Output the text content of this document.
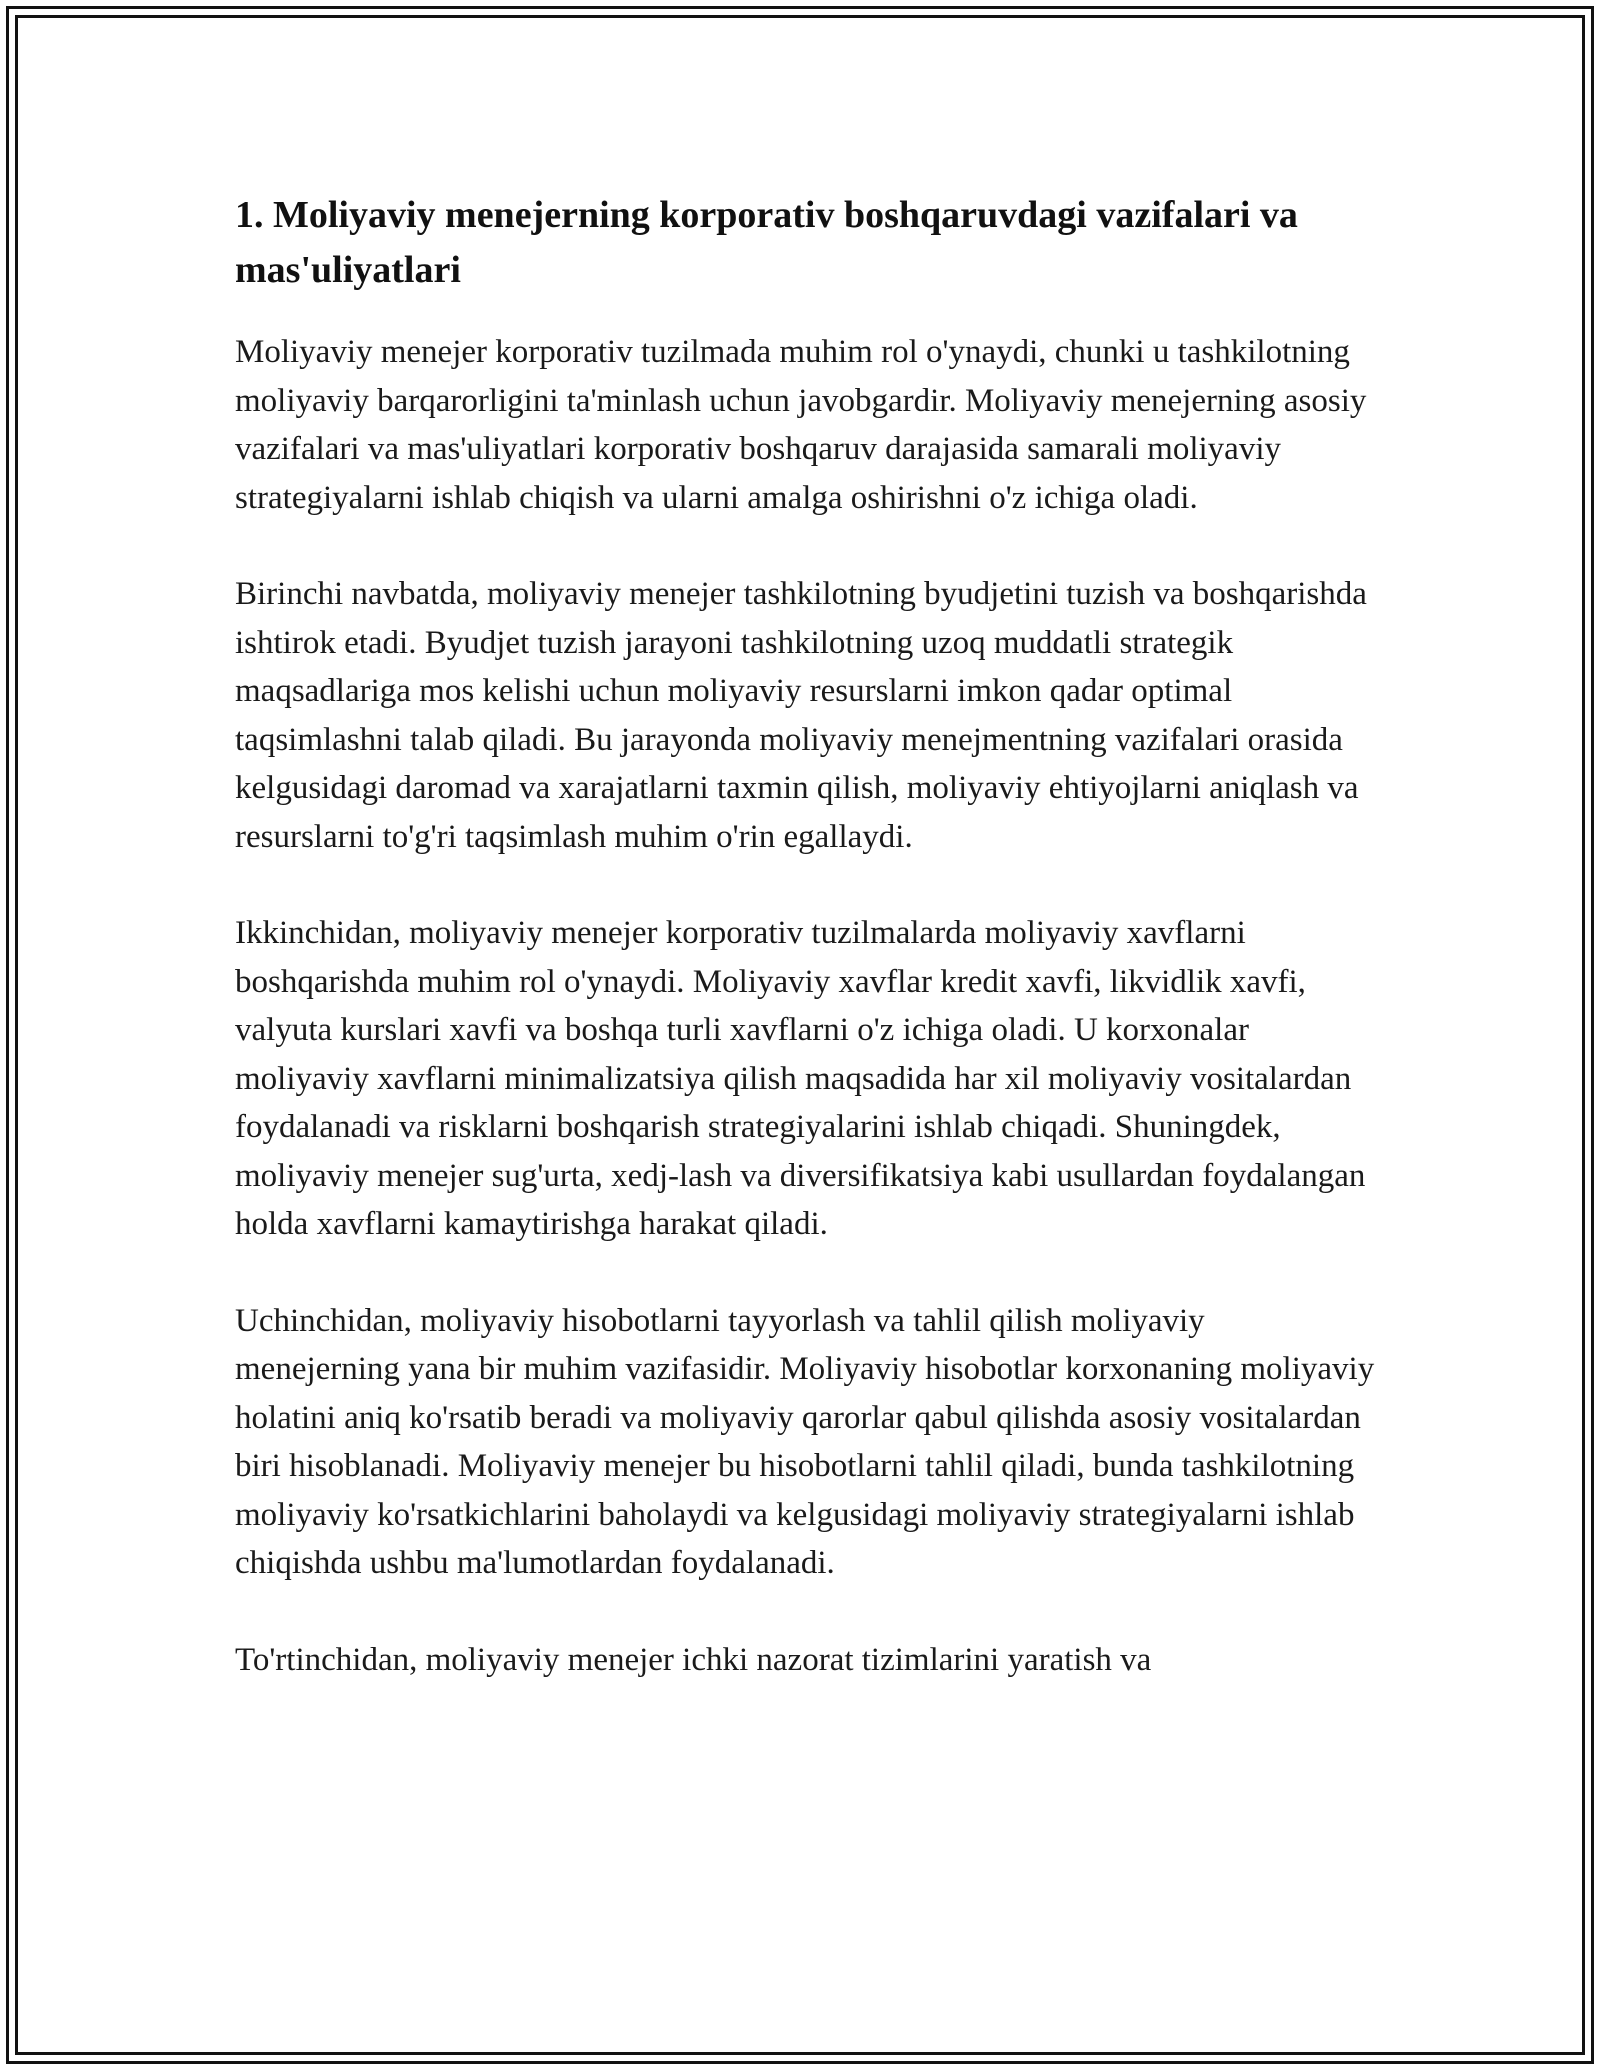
1. Moliyaviy menejerning korporativ boshqaruvdagi vazifalari va mas'uliyatlari

Moliyaviy menejer korporativ tuzilmada muhim rol o'ynaydi, chunki u tashkilotning moliyaviy barqarorligini ta'minlash uchun javobgardir. Moliyaviy menejerning asosiy vazifalari va mas'uliyatlari korporativ boshqaruv darajasida samarali moliyaviy strategiyalarni ishlab chiqish va ularni amalga oshirishni o'z ichiga oladi.

Birinchi navbatda, moliyaviy menejer tashkilotning byudjetini tuzish va boshqarishda ishtirok etadi. Byudjet tuzish jarayoni tashkilotning uzoq muddatli strategik maqsadlariga mos kelishi uchun moliyaviy resurslarni imkon qadar optimal taqsimlashni talab qiladi. Bu jarayonda moliyaviy menejmentning vazifalari orasida kelgusidagi daromad va xarajatlarni taxmin qilish, moliyaviy ehtiyojlarni aniqlash va resurslarni to'g'ri taqsimlash muhim o'rin egallaydi.

Ikkinchidan, moliyaviy menejer korporativ tuzilmalarda moliyaviy xavflarni boshqarishda muhim rol o'ynaydi. Moliyaviy xavflar kredit xavfi, likvidlik xavfi, valyuta kurslari xavfi va boshqa turli xavflarni o'z ichiga oladi. U korxonalar moliyaviy xavflarni minimalizatsiya qilish maqsadida har xil moliyaviy vositalardan foydalanadi va risklarni boshqarish strategiyalarini ishlab chiqadi. Shuningdek, moliyaviy menejer sug'urta, xedj-lash va diversifikatsiya kabi usullardan foydalangan holda xavflarni kamaytirishga harakat qiladi.

Uchinchidan, moliyaviy hisobotlarni tayyorlash va tahlil qilish moliyaviy menejerning yana bir muhim vazifasidir. Moliyaviy hisobotlar korxonaning moliyaviy holatini aniq ko'rsatib beradi va moliyaviy qarorlar qabul qilishda asosiy vositalardan biri hisoblanadi. Moliyaviy menejer bu hisobotlarni tahlil qiladi, bunda tashkilotning moliyaviy ko'rsatkichlarini baholaydi va kelgusidagi moliyaviy strategiyalarni ishlab chiqishda ushbu ma'lumotlardan foydalanadi.

To'rtinchidan, moliyaviy menejer ichki nazorat tizimlarini yaratish va
